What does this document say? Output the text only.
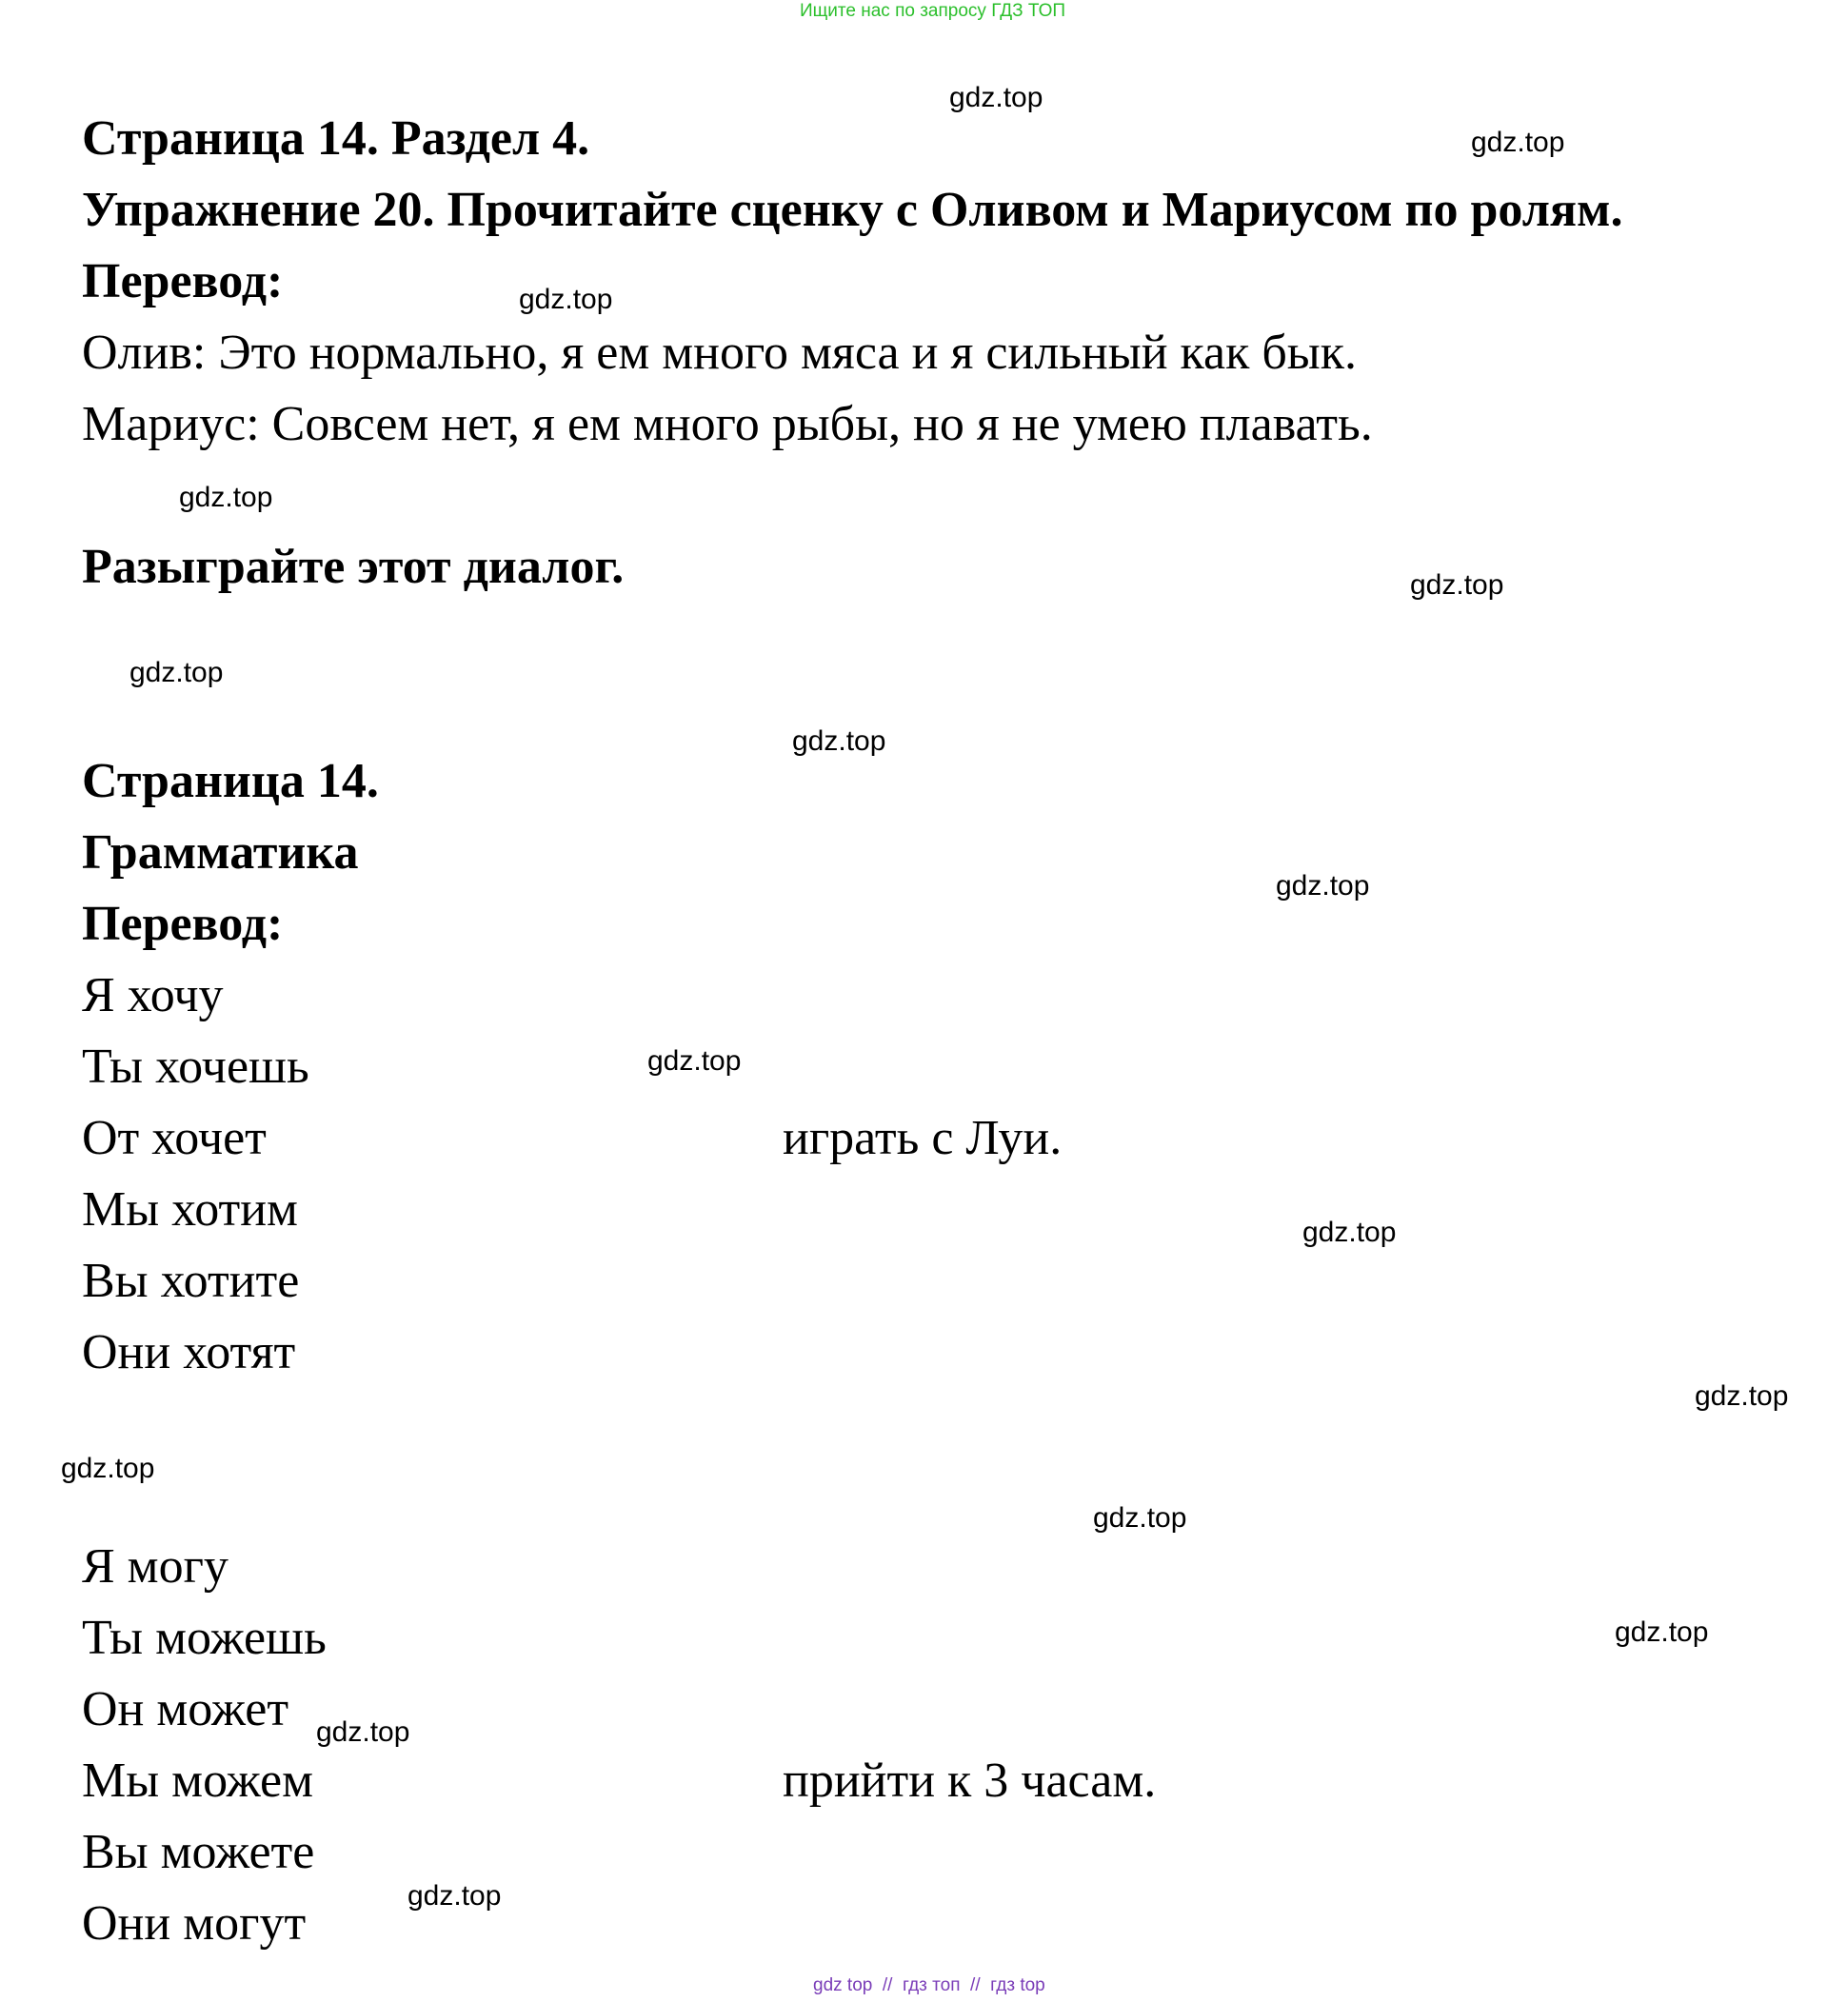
Ищите нас по запросу ГДЗ ТОП
Страница 14. Раздел 4.
Упражнение 20. Прочитайте сценку с Оливом и Мариусом по ролям.
Перевод:
Олив: Это нормально, я ем много мяса и я сильный как бык.
Мариус: Совсем нет, я ем много рыбы, но я не умею плавать.
Разыграйте этот диалог.
Страница 14.
Грамматика
Перевод:
Я хочу
Ты хочешь
От хочет
Мы хотим
Вы хотите
Они хотят
играть с Луи.
Я могу
Ты можешь
Он может
Мы можем
Вы можете
Они могут
прийти к 3 часам.
gdz.top
gdz.top
gdz.top
gdz.top
gdz.top
gdz.top
gdz.top
gdz.top
gdz.top
gdz.top
gdz.top
gdz.top
gdz.top
gdz.top
gdz.top
gdz.top
gdz top  //  гдз топ  //  гдз top
